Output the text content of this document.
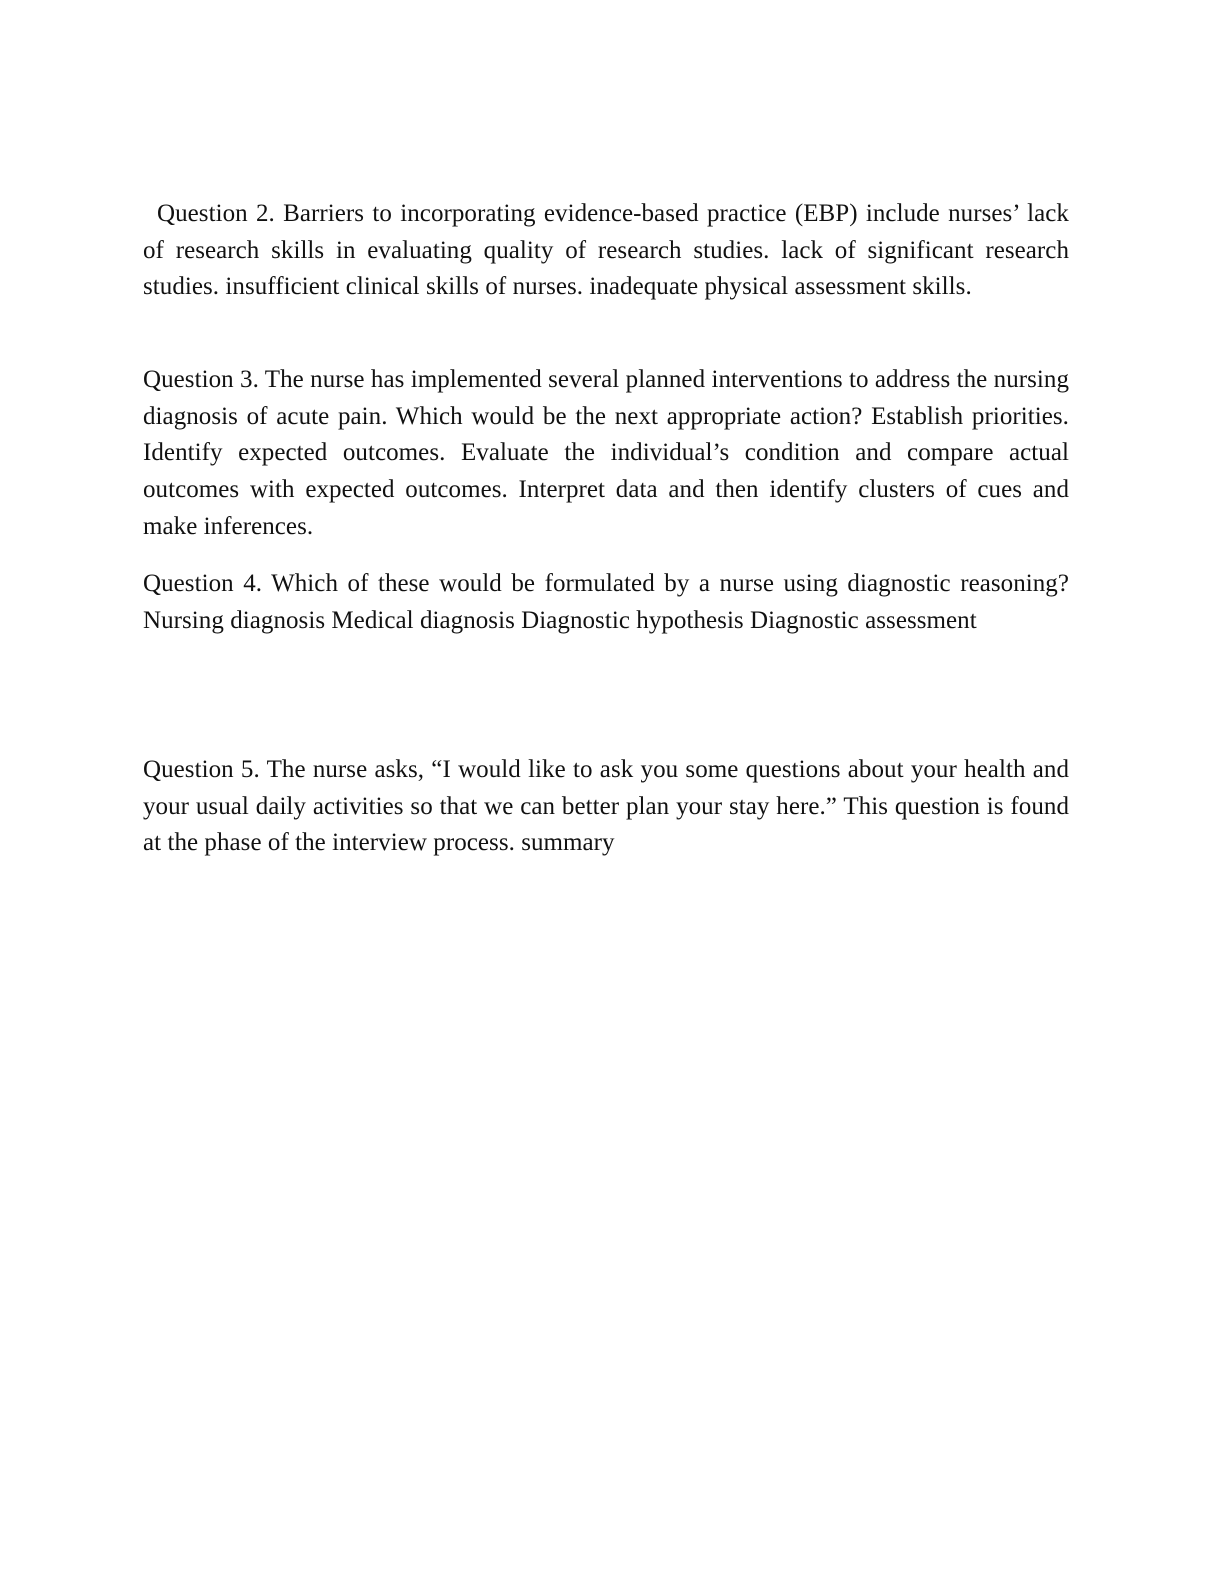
Question 2. Barriers to incorporating evidence-based practice (EBP) include nurses’ lack of research skills in evaluating quality of research studies. lack of significant research studies. insufficient clinical skills of nurses. inadequate physical assessment skills.

Question 3. The nurse has implemented several planned interventions to address the nursing diagnosis of acute pain. Which would be the next appropriate action? Establish priorities. Identify expected outcomes. Evaluate the individual’s condition and compare actual outcomes with expected outcomes. Interpret data and then identify clusters of cues and make inferences.

Question 4. Which of these would be formulated by a nurse using diagnostic reasoning? Nursing diagnosis Medical diagnosis Diagnostic hypothesis Diagnostic assessment

Question 5. The nurse asks, “I would like to ask you some questions about your health and your usual daily activities so that we can better plan your stay here.” This question is found at the phase of the interview process. summary
